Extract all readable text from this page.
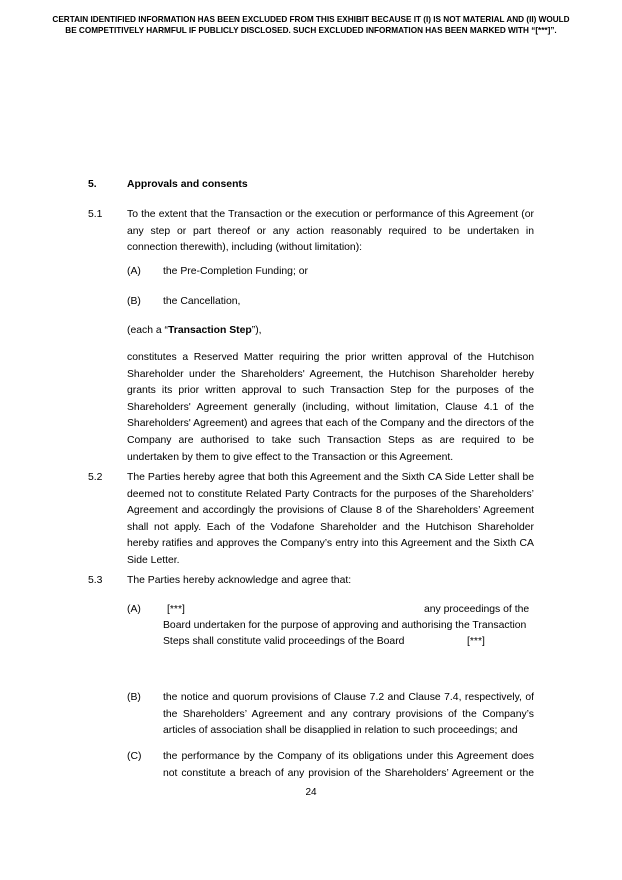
CERTAIN IDENTIFIED INFORMATION HAS BEEN EXCLUDED FROM THIS EXHIBIT BECAUSE IT (I) IS NOT MATERIAL AND (II) WOULD
BE COMPETITIVELY HARMFUL IF PUBLICLY DISCLOSED. SUCH EXCLUDED INFORMATION HAS BEEN MARKED WITH “[***]”.
5.	Approvals and consents
5.1 To the extent that the Transaction or the execution or performance of this Agreement (or any step or part thereof or any action reasonably required to be undertaken in connection therewith), including (without limitation):
(A) the Pre-Completion Funding; or
(B) the Cancellation,
(each a “Transaction Step”),
constitutes a Reserved Matter requiring the prior written approval of the Hutchison Shareholder under the Shareholders' Agreement, the Hutchison Shareholder hereby grants its prior written approval to such Transaction Step for the purposes of the Shareholders' Agreement generally (including, without limitation, Clause 4.1 of the Shareholders' Agreement) and agrees that each of the Company and the directors of the Company are authorised to take such Transaction Steps as are required to be undertaken by them to give effect to the Transaction or this Agreement.
5.2 The Parties hereby agree that both this Agreement and the Sixth CA Side Letter shall be deemed not to constitute Related Party Contracts for the purposes of the Shareholders’ Agreement and accordingly the provisions of Clause 8 of the Shareholders’ Agreement shall not apply. Each of the Vodafone Shareholder and the Hutchison Shareholder hereby ratifies and approves the Company’s entry into this Agreement and the Sixth CA Side Letter.
5.3 The Parties hereby acknowledge and agree that:
(A)	[***]	any proceedings of the
Board undertaken for the purpose of approving and authorising the Transaction
Steps shall constitute valid proceedings of the Board	[***]
(B) the notice and quorum provisions of Clause 7.2 and Clause 7.4, respectively, of the Shareholders’ Agreement and any contrary provisions of the Company’s articles of association shall be disapplied in relation to such proceedings; and
(C) the performance by the Company of its obligations under this Agreement does not constitute a breach of any provision of the Shareholders’ Agreement or the
24
